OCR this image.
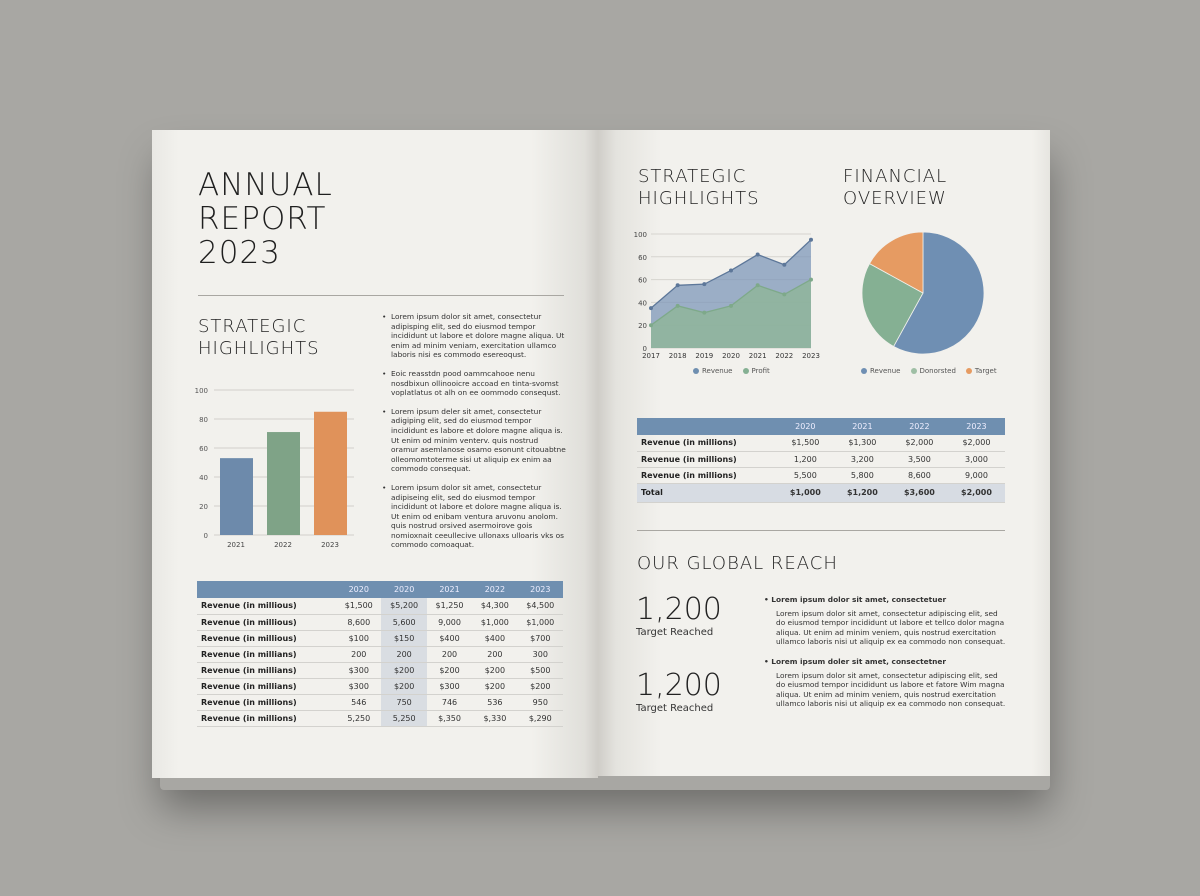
ANNUAL
REPORT
2023
STRATEGIC
HIGHLIGHTS
0
20
40
60
80
100
2021	2022	2023
• Lorem ipsum dolor sit amet, consectetur adipisping elit, sed do eiusmod tempor incididunt ut labore et dolore magne aliqua. Ut enim ad minim veniam, exercitation ullamco laboris nisi es commodo esereoqust.
• Eoic reasstdn pood oammcahooe nenu nosdbixun ollinooicre accoad en tinta-svomst voplatlatus ot alh on ee oommodo consequst.
• Lorem ipsum deler sit amet, consectetur adigiping elit, sed do eiusmod tempor incididunt es labore et dolore magne aliqua is. Ut enim od minim venterv. quis nostrud oramur asemlanose osamo esonunt citouabtne olleomomtoterme sisi ut aliquip ex enim aa commodo consequat.
• Lorem ipsum dolor sit amet, consectetur adipiseing elit, sed do eiusmod tempor incididunt ot labore et dolore magne aliqua is. Ut enim od enibam ventura aruvonu anolom. quis nostrud orsived asermoirove gois nomioxnait ceeullecive ullonaxs ulloaris vks os commodo comoaquat.
	2020	2020	2021	2022	2023
Revenue (in millious)	$1,500	$5,200	$1,250	$4,300	$4,500
Revenue (in millious)	8,600	5,600	9,000	$1,000	$1,000
Revenue (in millious)	$100	$150	$400	$400	$700
Revenue (in millians)	200	200	200	200	300
Revenue (in millians)	$300	$200	$200	$200	$500
Revenue (in millians)	$300	$200	$300	$200	$200
Revenue (in millions)	546	750	746	536	950
Revenue (in millions)	5,250	5,250	$,350	$,330	$,290
STRATEGIC
HIGHLIGHTS
FINANCIAL
OVERVIEW
0
20
40
60
60
100
2017 2018 2019 2020 2021 2022 2023
Revenue	Profit	Revenue	Donorsted	Target
	2020	2021	2022	2023
Revenue (in millions)	$1,500	$1,300	$2,000	$2,000
Revenue (in millions)	1,200	3,200	3,500	3,000
Revenue (in millions)	5,500	5,800	8,600	9,000
Total	$1,000	$1,200	$3,600	$2,000
OUR GLOBAL REACH
1,200
Target Reached
1,200
Target Reached
• Lorem ipsum dolor sit amet, consectetuer
Lorem ipsum dolor sit amet, consectetur adipiscing elit, sed do eiusmod tempor incididunt ut labore et tellco dolor magna aliqua. Ut enim ad minim veniem, quis nostrud exercitation ullamco laboris nisi ut aliquip ex ea commodo non consequat.
• Lorem ipsum doler sit amet, consectetner
Lorem ipsum dolor sit amet, consectetur adipiscing elit, sed do eiusmod tempor incididunt us labore et fatore Wim magna aliqua. Ut enim ad minim veniem, quis nostrud exercitation ullamco laboris nisi ut aliquip ex ea commodo non consequat.
